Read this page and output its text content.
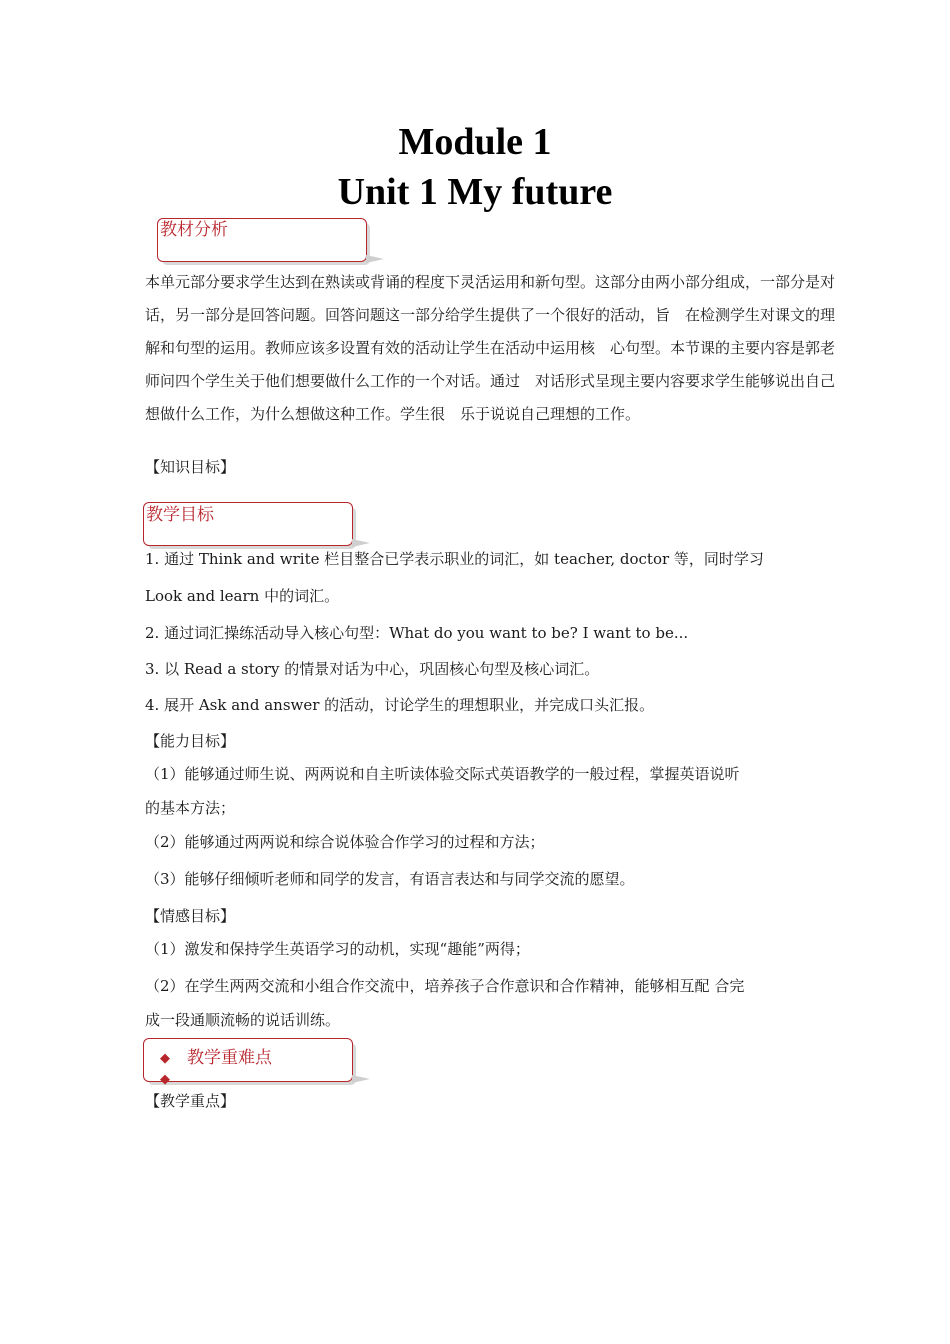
Module 1
Unit 1 My future
教材分析
本单元部分要求学生达到在熟读或背诵的程度下灵活运用和新句型。这部分由两小部分组成，一部分是对话，另一部分是回答问题。回答问题这一部分给学生提供了一个很好的活动，旨　在检测学生对课文的理解和句型的运用。教师应该多设置有效的活动让学生在活动中运用核　心句型。本节课的主要内容是郭老师问四个学生关于他们想要做什么工作的一个对话。通过　对话形式呈现主要内容要求学生能够说出自己想做什么工作，为什么想做这种工作。学生很　乐于说说自己理想的工作。
【知识目标】
教学目标
1. 通过 Think and write 栏目整合已学表示职业的词汇，如 teacher, doctor 等，同时学习
Look and learn 中的词汇。
2. 通过词汇操练活动导入核心句型：What do you want to be? I want to be...
3. 以 Read a story 的情景对话为中心，巩固核心句型及核心词汇。
4. 展开 Ask and answer 的活动，讨论学生的理想职业，并完成口头汇报。
【能力目标】
（1）能够通过师生说、两两说和自主听读体验交际式英语教学的一般过程，掌握英语说听
的基本方法；
（2）能够通过两两说和综合说体验合作学习的过程和方法；
（3）能够仔细倾听老师和同学的发言，有语言表达和与同学交流的愿望。
【情感目标】
（1）激发和保持学生英语学习的动机，实现“趣能”两得；
（2）在学生两两交流和小组合作交流中，培养孩子合作意识和合作精神，能够相互配 合完
成一段通顺流畅的说话训练。
◆
◆
教学重难点
【教学重点】
